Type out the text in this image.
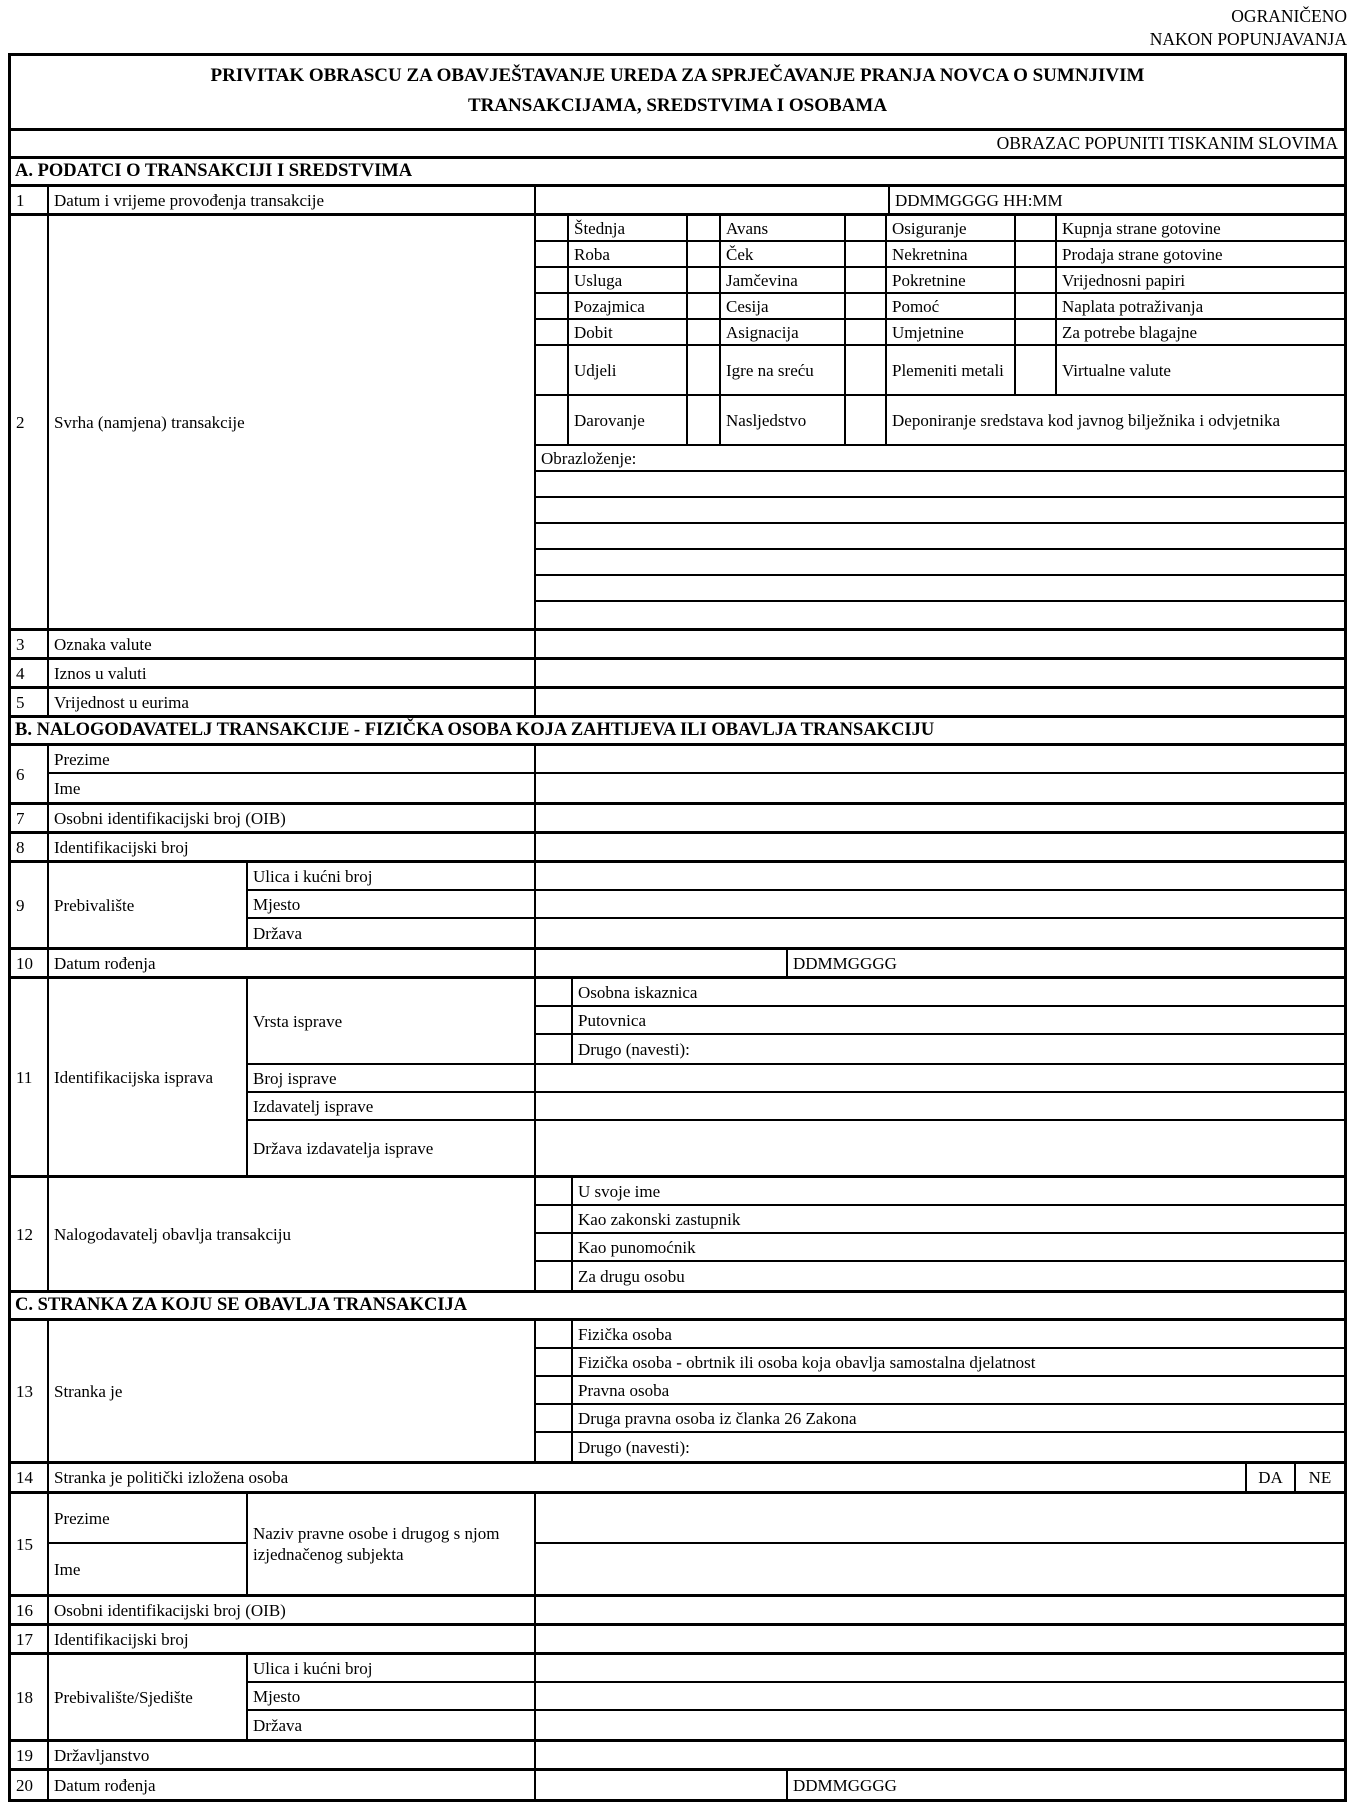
OGRANIČENO
NAKON POPUNJAVANJA
PRIVITAK OBRASCU ZA OBAVJEŠTAVANJE UREDA ZA SPRJEČAVANJE PRANJA NOVCA O SUMNJIVIM
TRANSAKCIJAMA, SREDSTVIMA I OSOBAMA
OBRAZAC POPUNITI TISKANIM SLOVIMA
A. PODATCI O TRANSAKCIJI I SREDSTVIMA
1	Datum i vrijeme provođenja transakcije	DDMMGGGG HH:MM
2	Svrha (namjena) transakcije
Štednja	Avans	Osiguranje	Kupnja strane gotovine
Roba	Ček	Nekretnina	Prodaja strane gotovine
Usluga	Jamčevina	Pokretnine	Vrijednosni papiri
Pozajmica	Cesija	Pomoć	Naplata potraživanja
Dobit	Asignacija	Umjetnine	Za potrebe blagajne
Udjeli	Igre na sreću	Plemeniti metali	Virtualne valute
Darovanje	Nasljedstvo	Deponiranje sredstava kod javnog bilježnika i odvjetnika
Obrazloženje:
3	Oznaka valute
4	Iznos u valuti
5	Vrijednost u eurima
B. NALOGODAVATELJ TRANSAKCIJE - FIZIČKA OSOBA KOJA ZAHTIJEVA ILI OBAVLJA TRANSAKCIJU
6
Prezime
Ime
7	Osobni identifikacijski broj (OIB)
8	Identifikacijski broj
9	Prebivalište
Ulica i kućni broj
Mjesto
Država
10	Datum rođenja	DDMMGGGG
11	Identifikacijska isprava
Vrsta isprave
Osobna iskaznica
Putovnica
Drugo (navesti):
Broj isprave
Izdavatelj isprave
Država izdavatelja isprave
12	Nalogodavatelj obavlja transakciju
U svoje ime
Kao zakonski zastupnik
Kao punomoćnik
Za drugu osobu
C. STRANKA ZA KOJU SE OBAVLJA TRANSAKCIJA
13	Stranka je
Fizička osoba
Fizička osoba - obrtnik ili osoba koja obavlja samostalna djelatnost
Pravna osoba
Druga pravna osoba iz članka 26 Zakona
Drugo (navesti):
14	Stranka je politički izložena osoba	DA	NE
15
Prezime
Ime
Naziv pravne osobe i drugog s njom izjednačenog subjekta
16	Osobni identifikacijski broj (OIB)
17	Identifikacijski broj
18	Prebivalište/Sjedište
Ulica i kućni broj
Mjesto
Država
19	Državljanstvo
20	Datum rođenja	DDMMGGGG
